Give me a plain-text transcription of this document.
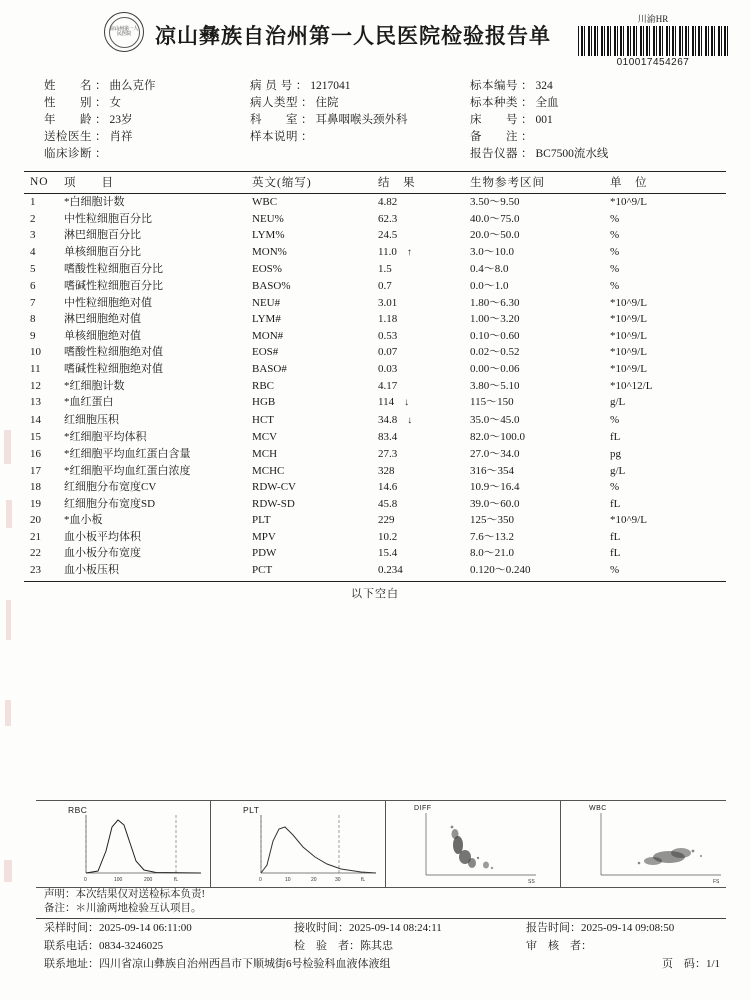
凉山州第一人民医院	凉山彝族自治州第一人民医院检验报告单
川渝HR
010017454267
姓　　名 ： 曲么克作	病 员 号 ： 1217041	标本编号 ： 324
性　　别 ： 女	病人类型 ： 住院	标本种类 ： 全血
年　　龄 ： 23岁	科　　室 ： 耳鼻咽喉头颈外科	床　　号 ： 001
送检医生 ： 肖祥	样本说明 ：	备　　注 ：
临床诊断 ：	报告仪器 ： BC7500流水线
NO	项　　目	英文(缩写)	结　果	生物参考区间	单　位
1	*白细胞计数	WBC	4.82	3.50～9.50	*10^9/L
2	中性粒细胞百分比	NEU%	62.3	40.0～75.0	%
3	淋巴细胞百分比	LYM%	24.5	20.0～50.0	%
4	单核细胞百分比	MON%	11.0 ↑	3.0～10.0	%
5	嗜酸性粒细胞百分比	EOS%	1.5	0.4～8.0	%
6	嗜碱性粒细胞百分比	BASO%	0.7	0.0～1.0	%
7	中性粒细胞绝对值	NEU#	3.01	1.80～6.30	*10^9/L
8	淋巴细胞绝对值	LYM#	1.18	1.00～3.20	*10^9/L
9	单核细胞绝对值	MON#	0.53	0.10～0.60	*10^9/L
10	嗜酸性粒细胞绝对值	EOS#	0.07	0.02～0.52	*10^9/L
11	嗜碱性粒细胞绝对值	BASO#	0.03	0.00～0.06	*10^9/L
12	*红细胞计数	RBC	4.17	3.80～5.10	*10^12/L
13	*血红蛋白	HGB	114 ↓	115～150	g/L
14	红细胞压积	HCT	34.8 ↓	35.0～45.0	%
15	*红细胞平均体积	MCV	83.4	82.0～100.0	fL
16	*红细胞平均血红蛋白含量	MCH	27.3	27.0～34.0	pg
17	*红细胞平均血红蛋白浓度	MCHC	328	316～354	g/L
18	红细胞分布宽度CV	RDW-CV	14.6	10.9～16.4	%
19	红细胞分布宽度SD	RDW-SD	45.8	39.0～60.0	fL
20	*血小板	PLT	229	125～350	*10^9/L
21	血小板平均体积	MPV	10.2	7.6～13.2	fL
22	血小板分布宽度	PDW	15.4	8.0～21.0	fL
23	血小板压积	PCT	0.234	0.120～0.240	%
以下空白
RBC
0	100	200	fL
PLT
0	10	20	30	fL
DIFF
SS
WBC
FS
声明：本次结果仅对送检标本负责!
备注：＊川渝两地检验互认项目。
采样时间：2025-09-14 06:11:00	接收时间：2025-09-14 08:24:11	报告时间：2025-09-14 09:08:50
联系电话：0834-3246025	检　验　者：陈其忠	审　核　者：
联系地址：四川省凉山彝族自治州西昌市下顺城街6号检验科血液体液组	页　码：1/1
